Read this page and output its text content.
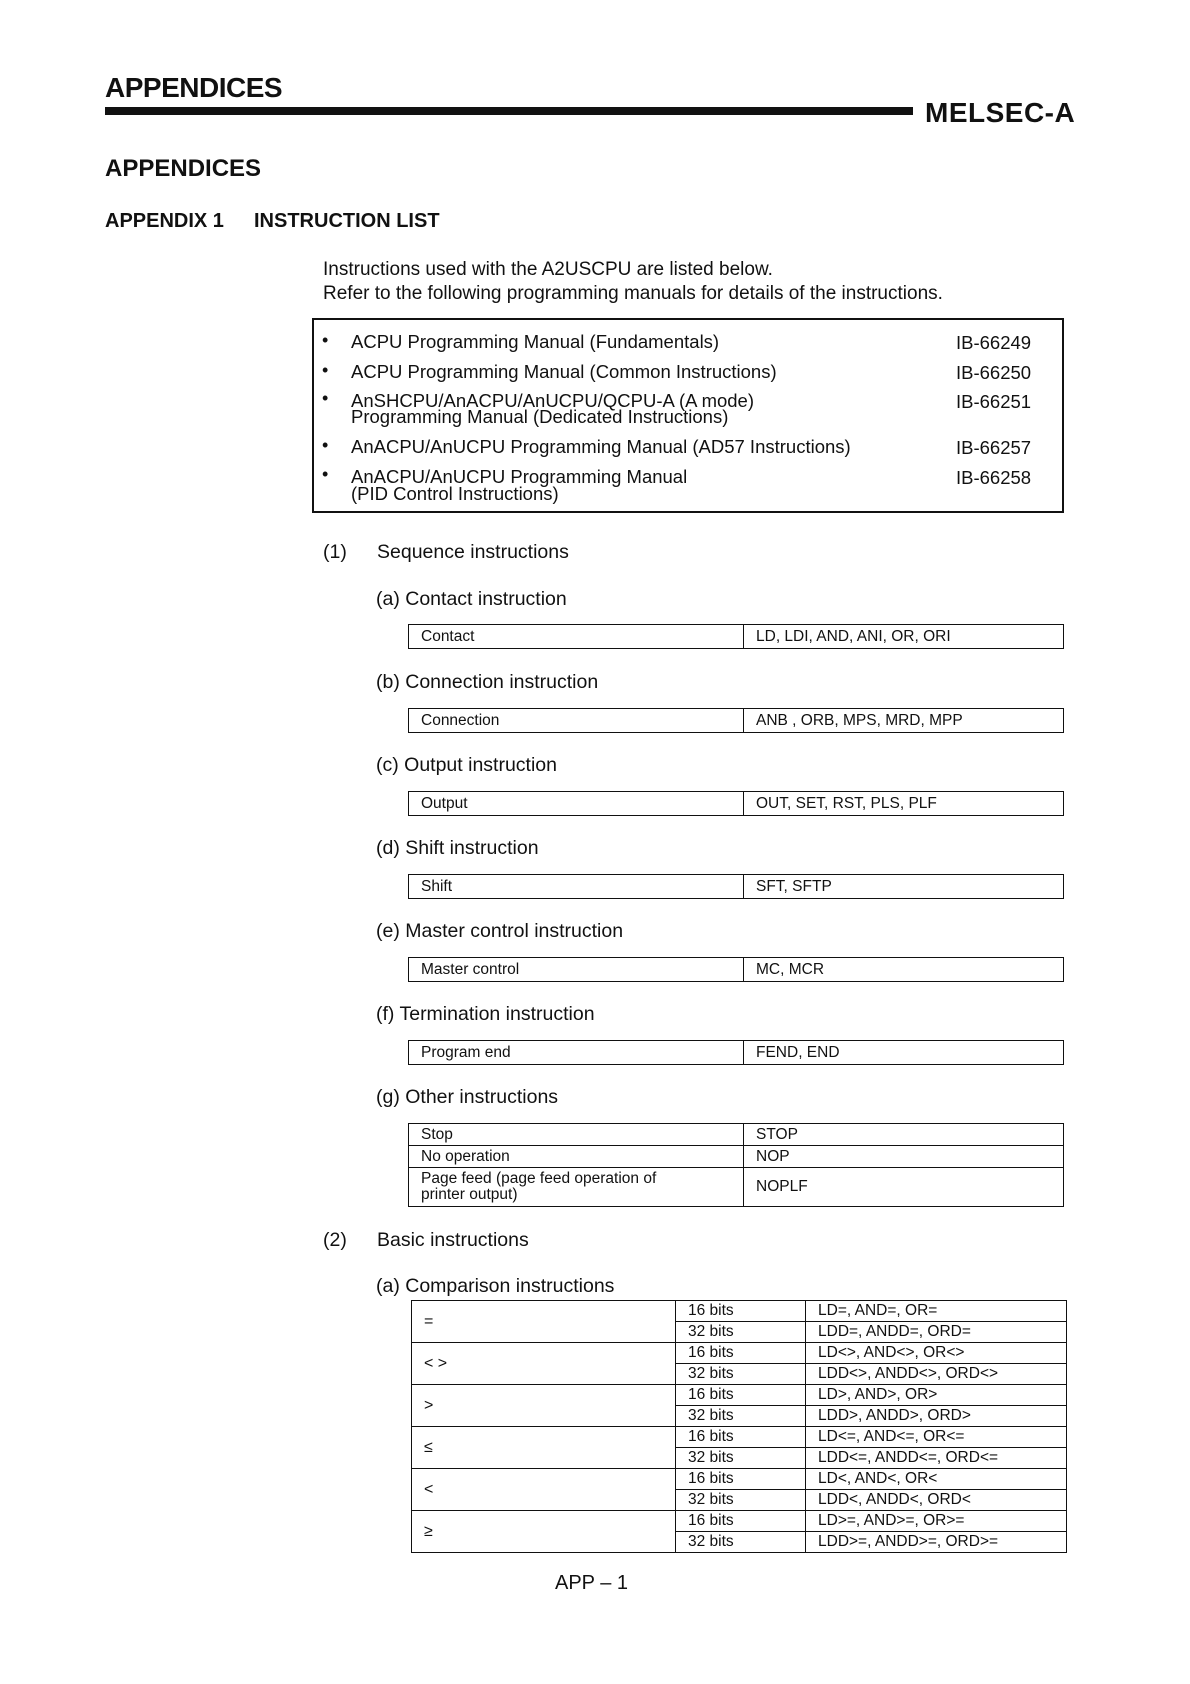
APPENDICES
MELSEC-A
APPENDICES
APPENDIX 1 INSTRUCTION LIST
Instructions used with the A2USCPU are listed below.
Refer to the following programming manuals for details of the instructions.
• ACPU Programming Manual (Fundamentals)	IB-66249
• ACPU Programming Manual (Common Instructions)	IB-66250
• AnSHCPU/AnACPU/AnUCPU/QCPU-A (A mode)
Programming Manual (Dedicated Instructions)
IB-66251
• AnACPU/AnUCPU Programming Manual (AD57 Instructions)	IB-66257
• AnACPU/AnUCPU Programming Manual
(PID Control Instructions)
IB-66258
(1) Sequence instructions
(a) Contact instruction
Contact	LD, LDI, AND, ANI, OR, ORI
(b) Connection instruction
Connection	ANB , ORB, MPS, MRD, MPP
(c) Output instruction
Output	OUT, SET, RST, PLS, PLF
(d) Shift instruction
Shift	SFT, SFTP
(e) Master control instruction
Master control	MC, MCR
(f) Termination instruction
Program end	FEND, END
(g) Other instructions
Stop	STOP
No operation	NOP
Page feed (page feed operation of
printer output)	NOPLF
(2) Basic instructions
(a) Comparison instructions
=	16 bits	LD=, AND=, OR=
	32 bits	LDD=, ANDD=, ORD=
< >	16 bits	LD<>, AND<>, OR<>
	32 bits	LDD<>, ANDD<>, ORD<>
>	16 bits	LD>, AND>, OR>
	32 bits	LDD>, ANDD>, ORD>
≤	16 bits	LD<=, AND<=, OR<=
	32 bits	LDD<=, ANDD<=, ORD<=
<	16 bits	LD<, AND<, OR<
	32 bits	LDD<, ANDD<, ORD<
≥	16 bits	LD>=, AND>=, OR>=
	32 bits	LDD>=, ANDD>=, ORD>=
APP – 1
